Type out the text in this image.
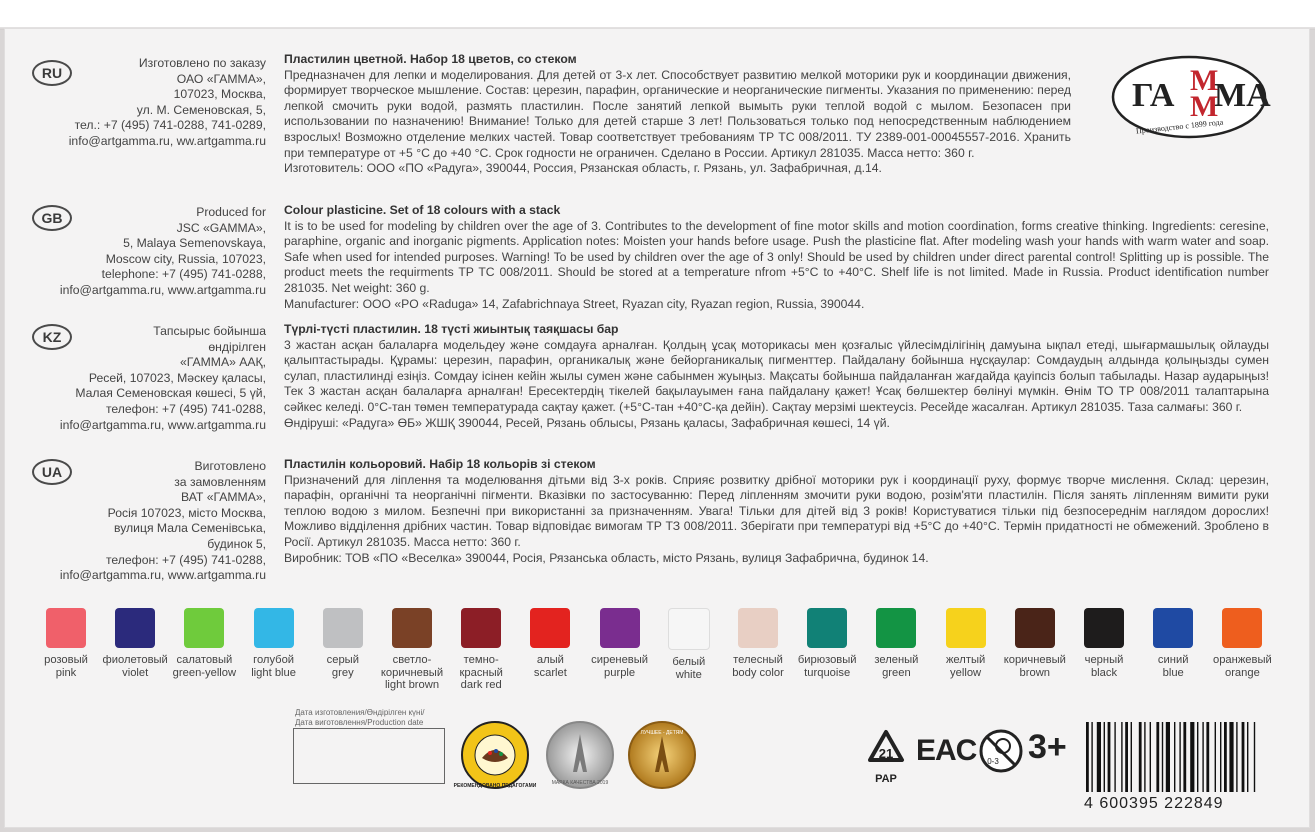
RU
Изготовлено по заказу
ОАО «ГАММА»,
107023, Москва,
ул. М. Семеновская, 5,
тел.: +7 (495) 741-0288, 741-0289,
info@artgamma.ru, ww.artgamma.ru
Пластилин цветной. Набор 18 цветов, со стеком
Предназначен для лепки и моделирования. Для детей от 3-х лет. Способствует развитию мелкой моторики рук и координации движения, формирует творческое мышление. Состав: церезин, парафин, органические и неорганические пигменты. Указания по применению: перед лепкой смочить руки водой, размять пластилин. После занятий лепкой вымыть руки теплой водой с мылом. Безопасен при использовании по назначению! Внимание! Только для детей старше 3 лет! Пользоваться только под непосредственным наблюдением взрослых! Возможно отделение мелких частей. Товар соответствует требованиям ТР ТС 008/2011. ТУ 2389-001-00045557-2016. Хранить при температуре от +5 °С до +40 °С. Срок годности не ограничен. Сделано в России. Артикул 281035. Масса нетто: 360 г.
Изготовитель: ООО «ПО «Радуга», 390044, Россия, Рязанская область, г. Рязань, ул. Зафабричная, д.14.
GB	Produced for
JSC «GAMMA»,
5, Malaya Semenovskaya,
Moscow city, Russia, 107023,
telephone: +7 (495) 741-0288,
info@artgamma.ru, www.artgamma.ru
Colour plasticine. Set of 18 colours with a stack
It is to be used for modeling by children over the age of 3. Contributes to the development of fine motor skills and motion coordination, forms creative thinking. Ingredients: ceresine, paraphine, organic and inorganic pigments. Application notes: Moisten your hands before usage. Push the plasticine flat. After modeling wash your hands with warm water and soap. Safe when used for intended purposes. Warning! To be used by children over the age of 3 only! Should be used by children under direct parental control! Splitting up is possible. The product meets the requirments TP TC 008/2011. Should be stored at a temperature nfrom +5°C to +40°C. Shelf life is not limited. Made in Russia. Product identification number 281035. Net weight: 360 g.
Manufacturer: ООО «PO «Raduga» 14, Zafabrichnaya Street, Ryazan city, Ryazan region, Russia, 390044.
KZ	Тапсырыс бойынша
өндірілген
«ГАММА» ААҚ,
Ресей, 107023, Мәскеу қаласы,
Малая Семеновская көшесі, 5 үй,
телефон: +7 (495) 741-0288,
info@artgamma.ru, www.artgamma.ru
Түрлі-түсті пластилин. 18 түсті жиынтық таяқшасы бар
3 жастан асқан балаларға модельдеу және сомдауға арналған. Қолдың ұсақ моторикасы мен қозғалыс үйлесімділігінің дамуына ықпал етеді, шығармашылық ойлауды қалыптастырады. Құрамы: церезин, парафин, органикалық және бейорганикалық пигменттер. Пайдалану бойынша нұсқаулар: Сомдаудың алдында қолыңызды сумен сулап, пластилинді езіңіз. Сомдау ісінен кейін жылы сумен және сабынмен жуыңыз. Мақсаты бойынша пайдаланған жағдайда қауіпсіз болып табылады. Назар аударыңыз! Тек 3 жастан асқан балаларға арналған! Ересектердің тікелей бақылауымен ғана пайдалану қажет! Ұсақ бөлшектер бөлінуі мүмкін. Өнім ТО ТР 008/2011 талаптарына сәйкес келеді. 0°С-тан төмен температурада сақтау қажет. (+5°С-тан +40°С-қа дейін). Сақтау мерзімі шектеусіз. Ресейде жасалған. Артикул 281035. Таза салмағы: 360 г.
Өндіруші: «Радуга» ӨБ» ЖШҚ 390044, Ресей, Рязань облысы, Рязань қаласы, Зафабричная көшесі, 14 үй.
UA	Виготовлено
за замовленням
ВАТ «ГАММА»,
Росія 107023, місто Москва,
вулиця Мала Семенівська,
будинок 5,
телефон: +7 (495) 741-0288,
info@artgamma.ru, www.artgamma.ru
Пластилін кольоровий. Набір 18 кольорів зі стеком
Призначений для ліплення та моделювання дітьми від 3-х років. Сприяє розвитку дрібної моторики рук і координації руху, формує творче мислення. Склад: церезин, парафін, органічні та неорганічні пігменти. Вказівки по застосуванню: Перед ліпленням змочити руки водою, розім'яти пластилін. Після занять ліпленням вимити руки теплою водою з милом. Безпечні при використанні за призначенням. Увага! Тільки для дітей від 3 років! Користуватися тільки під безпосереднім наглядом дорослих! Можливо відділення дрібних частин. Товар відповідає вимогам ТР ТЗ 008/2011. Зберігати при температурі від +5°С до +40°С. Термін придатності не обмежений. Зроблено в Росії. Артикул 281035. Масса нетто: 360 г.
Виробник: ТОВ «ПО «Веселка» 390044, Росія, Рязанська область, місто Рязань, вулиця Зафабрична, будинок 14.
ГА МА
М
М
Производство с 1899 года
розовый
pink
фиолетовый
violet
салатовый
green-yellow
голубой
light blue
серый
grey
светло-
коричневый
light brown
темно-
красный
dark red
алый
scarlet
сиреневый
purple
белый
white
телесный
body color
бирюзовый
turquoise
зеленый
green
желтый
yellow
коричневый
brown
черный
black
синий
blue
оранжевый
orange
Дата изготовления/Өндірілген күні/
Дата виготовлення/Production date
РЕКОМЕНДОВАНО ПЕДАГОГАМИ	МАРКА КАЧЕСТВА 2019
ЛУЧШЕЕ - ДЕТЯМ
21
PAP
EAC 0-3 3+
4 600395 222849
